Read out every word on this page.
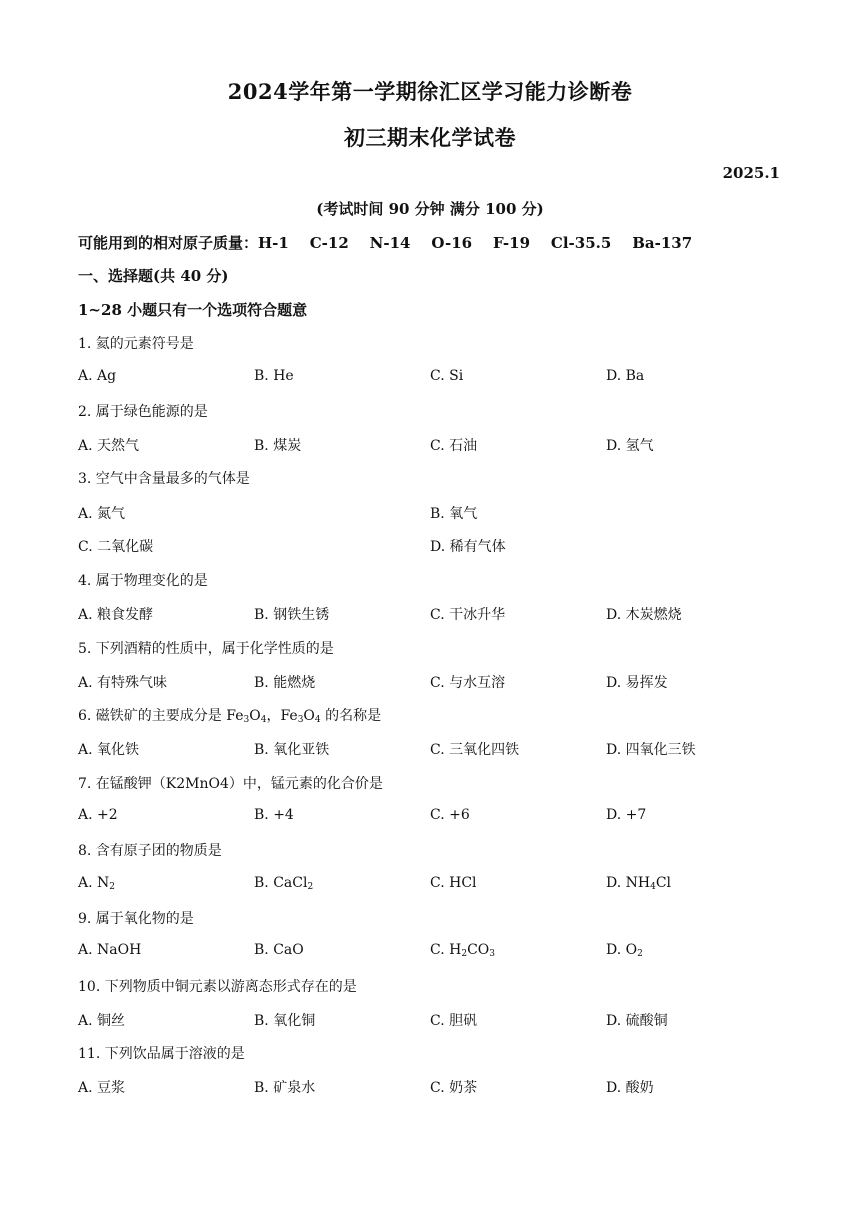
2024学年第一学期徐汇区学习能力诊断卷
初三期末化学试卷
2025.1
(考试时间 90 分钟 满分 100 分)
可能用到的相对原子质量：H-1    C-12    N-14    O-16    F-19    Cl-35.5    Ba-137
一、选择题(共 40 分)
1~28 小题只有一个选项符合题意
1. 氦的元素符号是
A. Ag	B. He	C. Si	D. Ba
2. 属于绿色能源的是
A. 天然气	B. 煤炭	C. 石油	D. 氢气
3. 空气中含量最多的气体是
A. 氮气	B. 氧气
C. 二氧化碳	D. 稀有气体
4. 属于物理变化的是
A. 粮食发酵	B. 钢铁生锈	C. 干冰升华	D. 木炭燃烧
5. 下列酒精的性质中，属于化学性质的是
A. 有特殊气味	B. 能燃烧	C. 与水互溶	D. 易挥发
6. 磁铁矿的主要成分是 $Fe_3O_4$，$Fe_3O_4$ 的名称是
A. 氧化铁	B. 氧化亚铁	C. 三氧化四铁	D. 四氧化三铁
7. 在锰酸钾（K2MnO4）中，锰元素的化合价是
A. +2	B. +4	C. +6	D. +7
8. 含有原子团的物质是
A. $N_2$	B. CaCl$_2$	C. HCl	D. $NH_4Cl$
9. 属于氧化物的是
A. NaOH	B. CaO	C. $H_2CO_3$	D. $O_2$
10. 下列物质中铜元素以游离态形式存在的是
A. 铜丝	B. 氧化铜	C. 胆矾	D. 硫酸铜
11. 下列饮品属于溶液的是
A. 豆浆	B. 矿泉水	C. 奶茶	D. 酸奶
